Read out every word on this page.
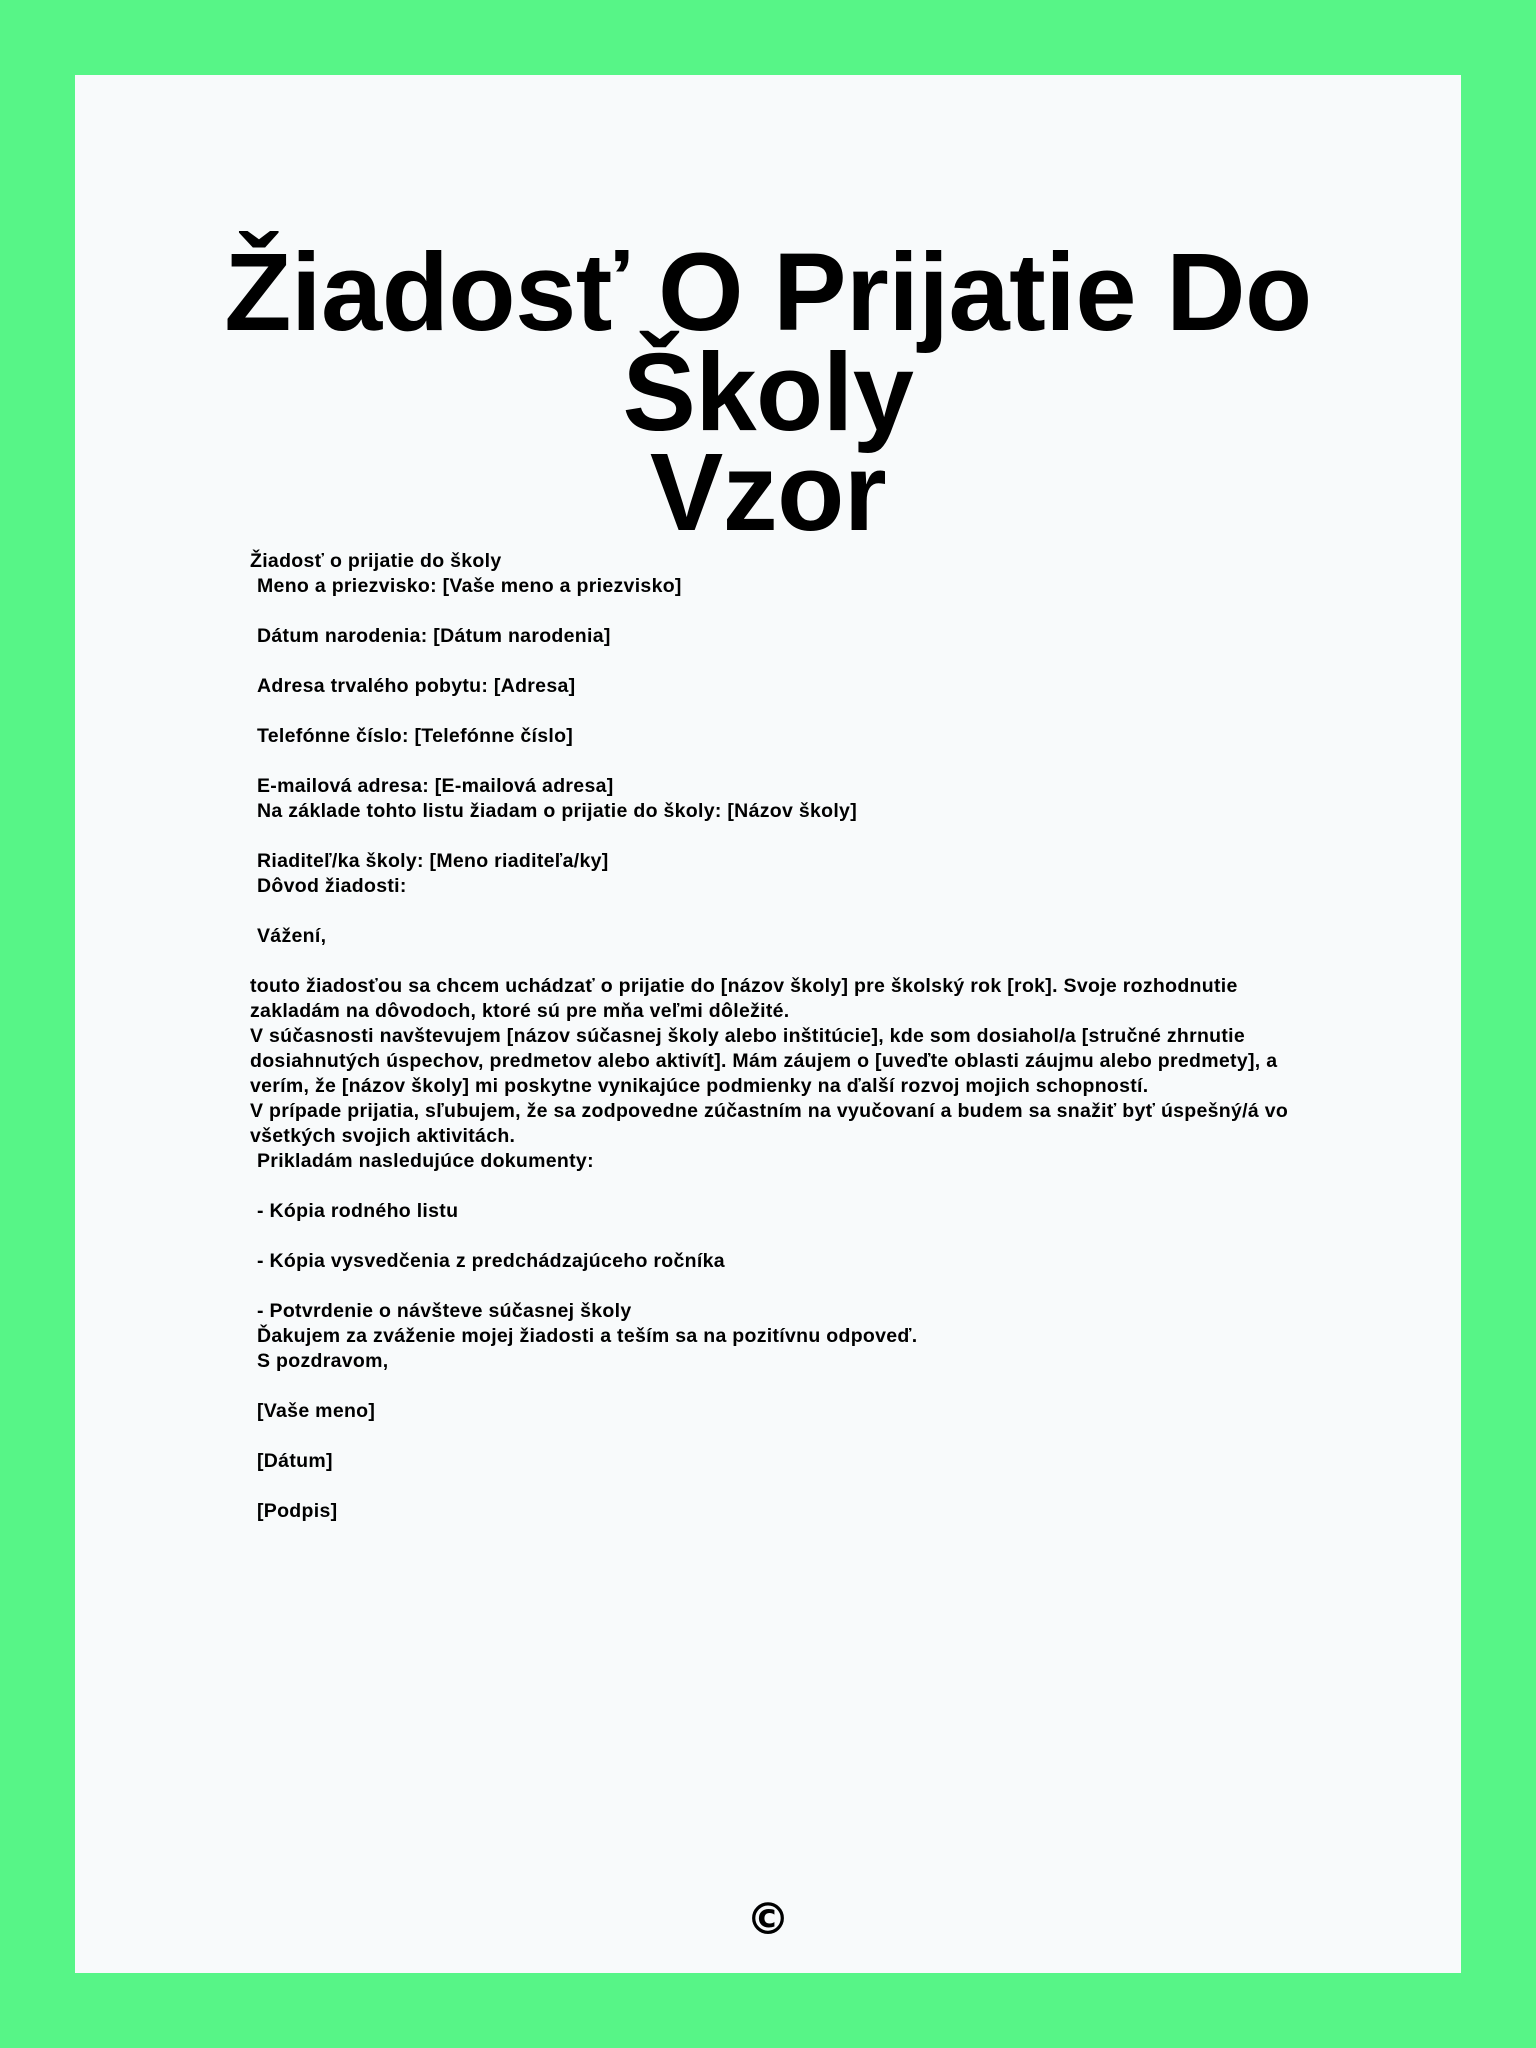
Žiadosť O Prijatie Do Školy
Vzor
Žiadosť o prijatie do školy
Meno a priezvisko: [Vaše meno a priezvisko]
Dátum narodenia: [Dátum narodenia]
Adresa trvalého pobytu: [Adresa]
Telefónne číslo: [Telefónne číslo]
E-mailová adresa: [E-mailová adresa]
Na základe tohto listu žiadam o prijatie do školy: [Názov školy]
Riaditeľ/ka školy: [Meno riaditeľa/ky]
Dôvod žiadosti:
Vážení,
touto žiadosťou sa chcem uchádzať o prijatie do [názov školy] pre školský rok [rok]. Svoje rozhodnutie zakladám na dôvodoch, ktoré sú pre mňa veľmi dôležité.
V súčasnosti navštevujem [názov súčasnej školy alebo inštitúcie], kde som dosiahol/a [stručné zhrnutie dosiahnutých úspechov, predmetov alebo aktivít]. Mám záujem o [uveďte oblasti záujmu alebo predmety], a verím, že [názov školy] mi poskytne vynikajúce podmienky na ďalší rozvoj mojich schopností.
V prípade prijatia, sľubujem, že sa zodpovedne zúčastním na vyučovaní a budem sa snažiť byť úspešný/á vo všetkých svojich aktivitách.
Prikladám nasledujúce dokumenty:
- Kópia rodného listu
- Kópia vysvedčenia z predchádzajúceho ročníka
- Potvrdenie o návšteve súčasnej školy
Ďakujem za zváženie mojej žiadosti a teším sa na pozitívnu odpoveď.
S pozdravom,
[Vaše meno]
[Dátum]
[Podpis]
©
